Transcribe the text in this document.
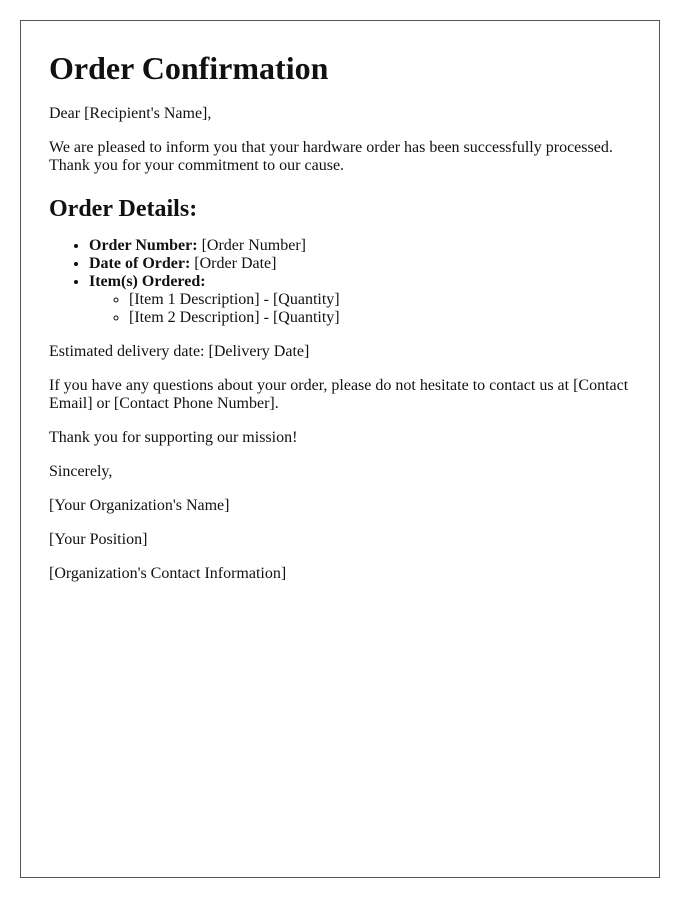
Order Confirmation

Dear [Recipient's Name],

We are pleased to inform you that your hardware order has been successfully processed. Thank you for your commitment to our cause.

Order Details:
• Order Number: [Order Number]
• Date of Order: [Order Date]
• Item(s) Ordered:
◦ [Item 1 Description] - [Quantity]
◦ [Item 2 Description] - [Quantity]

Estimated delivery date: [Delivery Date]

If you have any questions about your order, please do not hesitate to contact us at [Contact Email] or [Contact Phone Number].

Thank you for supporting our mission!

Sincerely,

[Your Organization's Name]

[Your Position]

[Organization's Contact Information]
